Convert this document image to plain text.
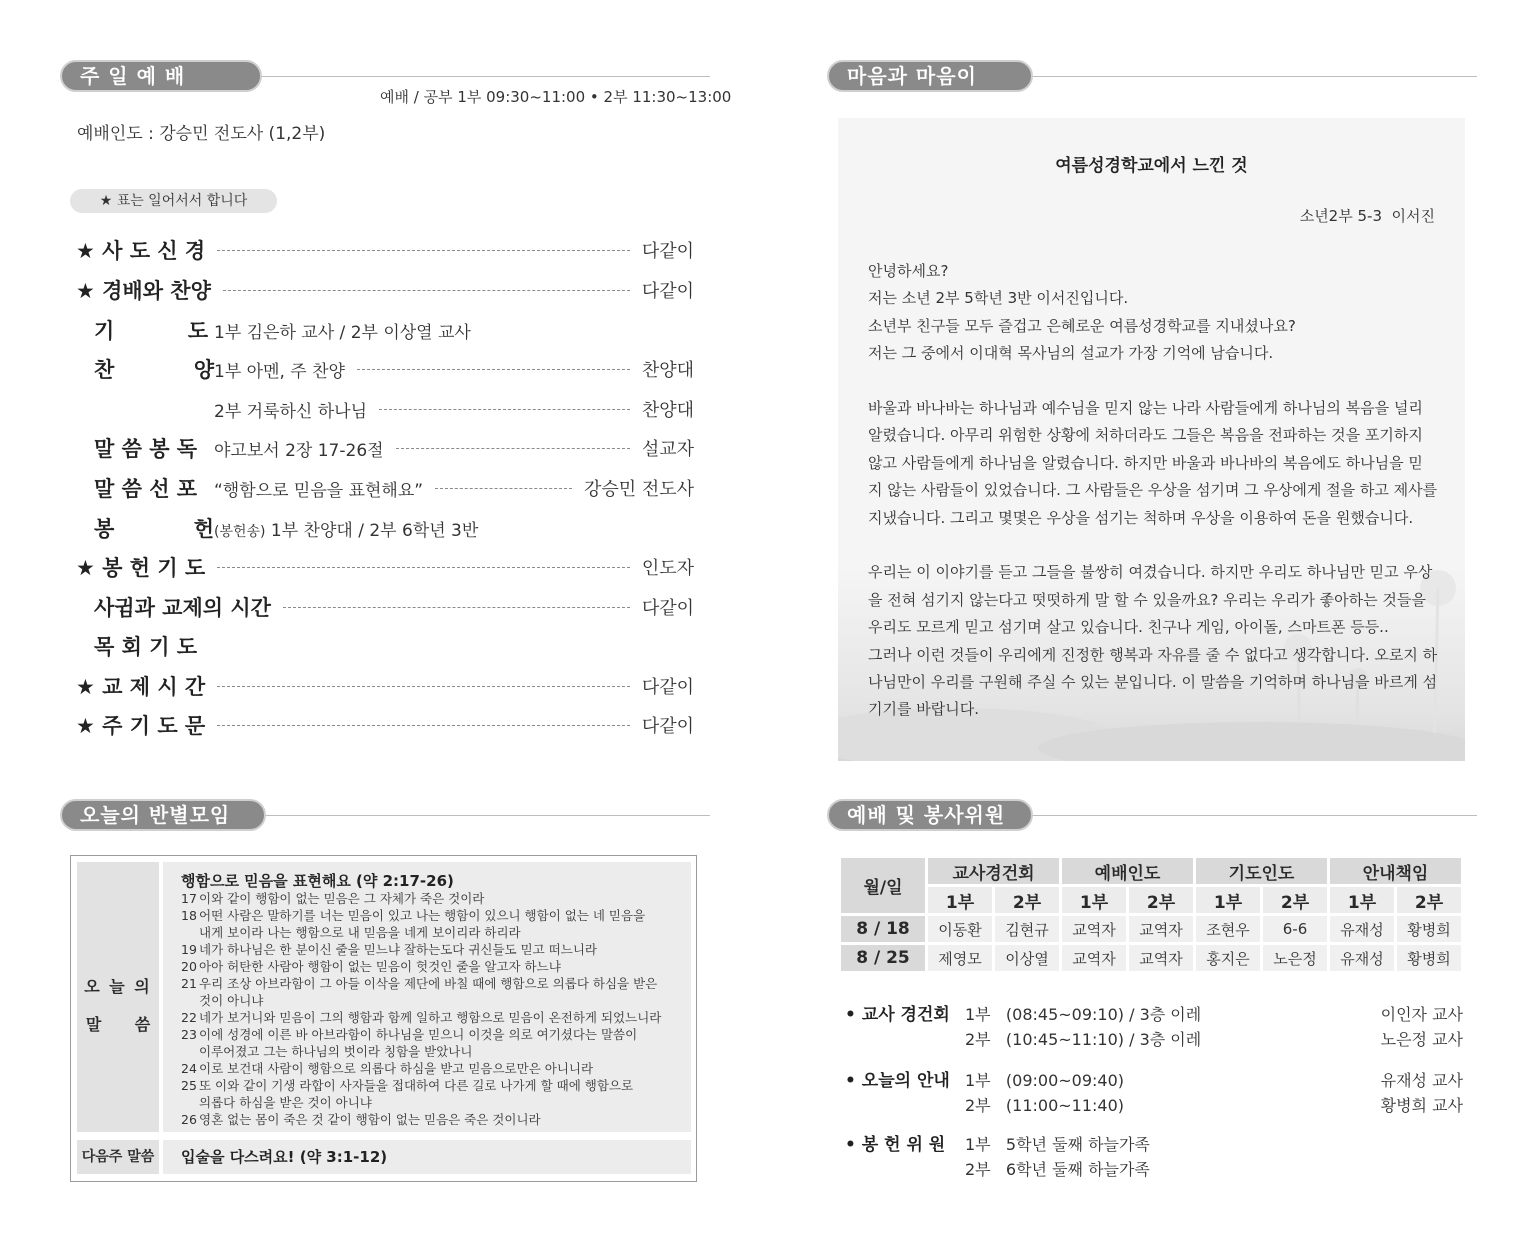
주 일 예 배
예배 / 공부 1부 09:30~11:00 • 2부 11:30~13:00
예배인도 : 강승민 전도사 (1,2부)
★ 표는 일어서서 합니다
★ 사 도 신 경	다같이
★ 경배와 찬양	다같이
기	도 1부 김은하 교사 / 2부 이상열 교사
찬	양 1부 아멘, 주 찬양	찬양대
2부 거룩하신 하나님	찬양대
말 씀 봉 독 야고보서 2장 17-26절	설교자
말 씀 선 포 “행함으로 믿음을 표현해요”	강승민 전도사
봉	헌 (봉헌송) 1부 찬양대 / 2부 6학년 3반
★ 봉 헌 기 도	인도자
사귐과 교제의 시간	다같이
목 회 기 도
★ 교 제 시 간	다같이
★ 주 기 도 문	다같이
오늘의 반별모임
오 늘 의
말      씀
행함으로 믿음을 표현해요 (약 2:17-26)
17 이와 같이 행함이 없는 믿음은 그 자체가 죽은 것이라
18 어떤 사람은 말하기를 너는 믿음이 있고 나는 행함이 있으니 행함이 없는 네 믿음을
내게 보이라 나는 행함으로 내 믿음을 네게 보이리라 하리라
19 네가 하나님은 한 분이신 줄을 믿느냐 잘하는도다 귀신들도 믿고 떠느니라
20 아아 허탄한 사람아 행함이 없는 믿음이 헛것인 줄을 알고자 하느냐
21 우리 조상 아브라함이 그 아들 이삭을 제단에 바칠 때에 행함으로 의롭다 하심을 받은
것이 아니냐
22 네가 보거니와 믿음이 그의 행함과 함께 일하고 행함으로 믿음이 온전하게 되었느니라
23 이에 성경에 이른 바 아브라함이 하나님을 믿으니 이것을 의로 여기셨다는 말씀이
이루어졌고 그는 하나님의 벗이라 칭함을 받았나니
24 이로 보건대 사람이 행함으로 의롭다 하심을 받고 믿음으로만은 아니니라
25 또 이와 같이 기생 라합이 사자들을 접대하여 다른 길로 나가게 할 때에 행함으로
의롭다 하심을 받은 것이 아니냐
26 영혼 없는 몸이 죽은 것 같이 행함이 없는 믿음은 죽은 것이니라
다음주 말씀	입술을 다스려요! (약 3:1-12)
마음과 마음이
여름성경학교에서 느낀 것
소년2부 5-3  이서진
안녕하세요?
저는 소년 2부 5학년 3반 이서진입니다.
소년부 친구들 모두 즐겁고 은혜로운 여름성경학교를 지내셨나요?
저는 그 중에서 이대혁 목사님의 설교가 가장 기억에 남습니다.
바울과 바나바는 하나님과 예수님을 믿지 않는 나라 사람들에게 하나님의 복음을 널리
알렸습니다. 아무리 위험한 상황에 처하더라도 그들은 복음을 전파하는 것을 포기하지
않고 사람들에게 하나님을 알렸습니다. 하지만 바울과 바나바의 복음에도 하나님을 믿
지 않는 사람들이 있었습니다. 그 사람들은 우상을 섬기며 그 우상에게 절을 하고 제사를
지냈습니다. 그리고 몇몇은 우상을 섬기는 척하며 우상을 이용하여 돈을 원했습니다.
우리는 이 이야기를 듣고 그들을 불쌍히 여겼습니다. 하지만 우리도 하나님만 믿고 우상
을 전혀 섬기지 않는다고 떳떳하게 말 할 수 있을까요? 우리는 우리가 좋아하는 것들을
우리도 모르게 믿고 섬기며 살고 있습니다. 친구나 게임, 아이돌, 스마트폰 등등..
그러나 이런 것들이 우리에게 진정한 행복과 자유를 줄 수 없다고 생각합니다. 오로지 하
나님만이 우리를 구원해 주실 수 있는 분입니다. 이 말씀을 기억하며 하나님을 바르게 섬
기기를 바랍니다.
예배 및 봉사위원
월/일	교사경건회		예배인도		기도인도		안내책임	
	1부	2부	1부	2부	1부	2부	1부	2부
8 / 18	이동환	김현규	교역자	교역자	조현우	6-6	유재성	황병희
8 / 25	제영모	이상열	교역자	교역자	홍지은	노은정	유재성	황병희
• 교사 경건회 1부   (08:45~09:10) / 3층 이레	이인자 교사
2부   (10:45~11:10) / 3층 이레	노은정 교사
• 오늘의 안내 1부   (09:00~09:40)	유재성 교사
2부   (11:00~11:40)	황병희 교사
• 봉 헌 위 원 1부   5학년 둘째 하늘가족
2부   6학년 둘째 하늘가족
